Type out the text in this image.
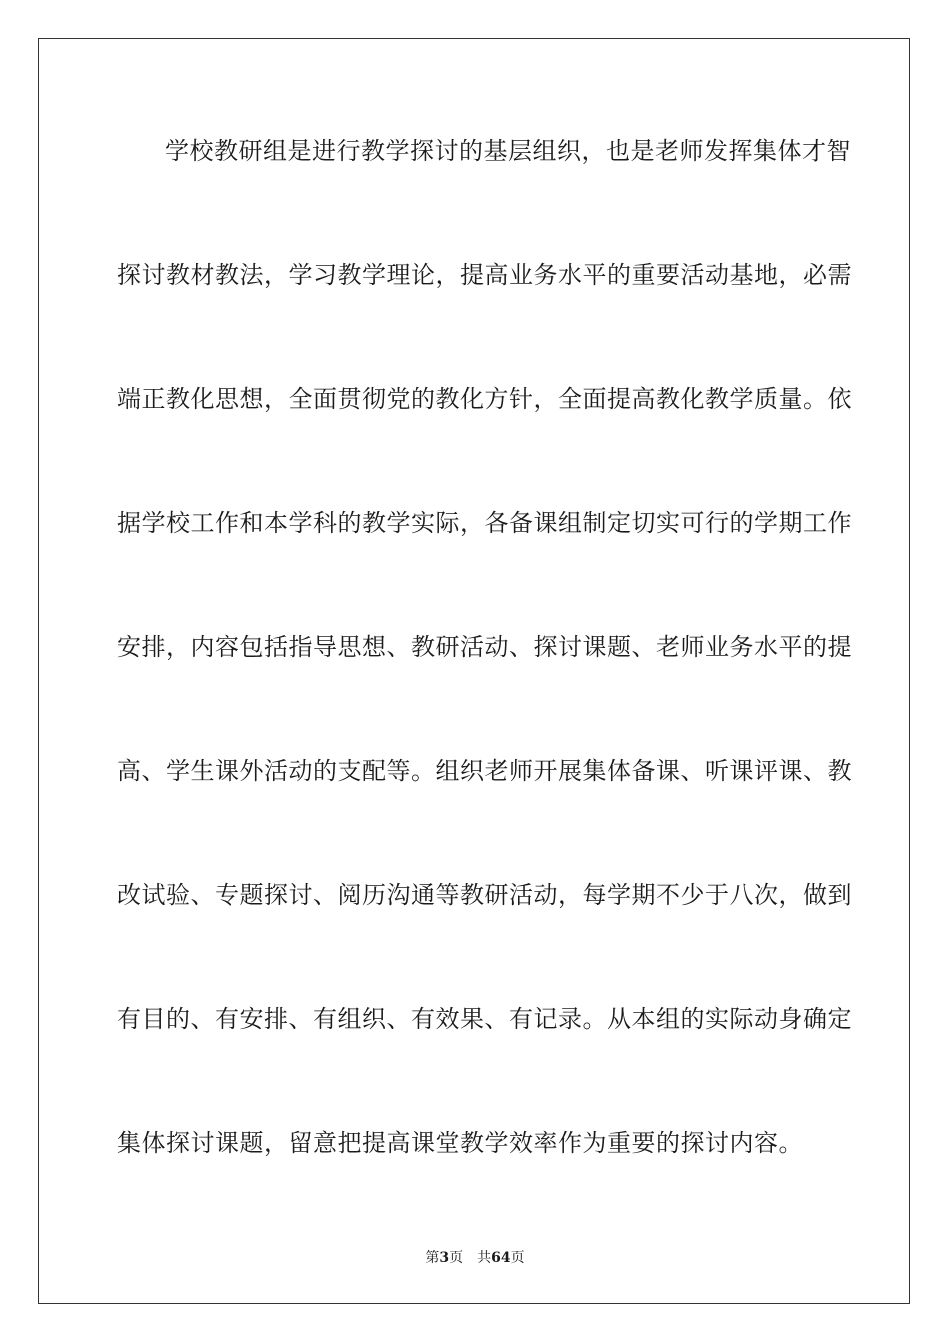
学校教研组是进行教学探讨的基层组织，也是老师发挥集体才智
探讨教材教法，学习教学理论，提高业务水平的重要活动基地，必需
端正教化思想，全面贯彻党的教化方针，全面提高教化教学质量。依
据学校工作和本学科的教学实际，各备课组制定切实可行的学期工作
安排，内容包括指导思想、教研活动、探讨课题、老师业务水平的提
高、学生课外活动的支配等。组织老师开展集体备课、听课评课、教
改试验、专题探讨、阅历沟通等教研活动，每学期不少于八次，做到
有目的、有安排、有组织、有效果、有记录。从本组的实际动身确定
集体探讨课题，留意把提高课堂教学效率作为重要的探讨内容。
第3页 共64页
